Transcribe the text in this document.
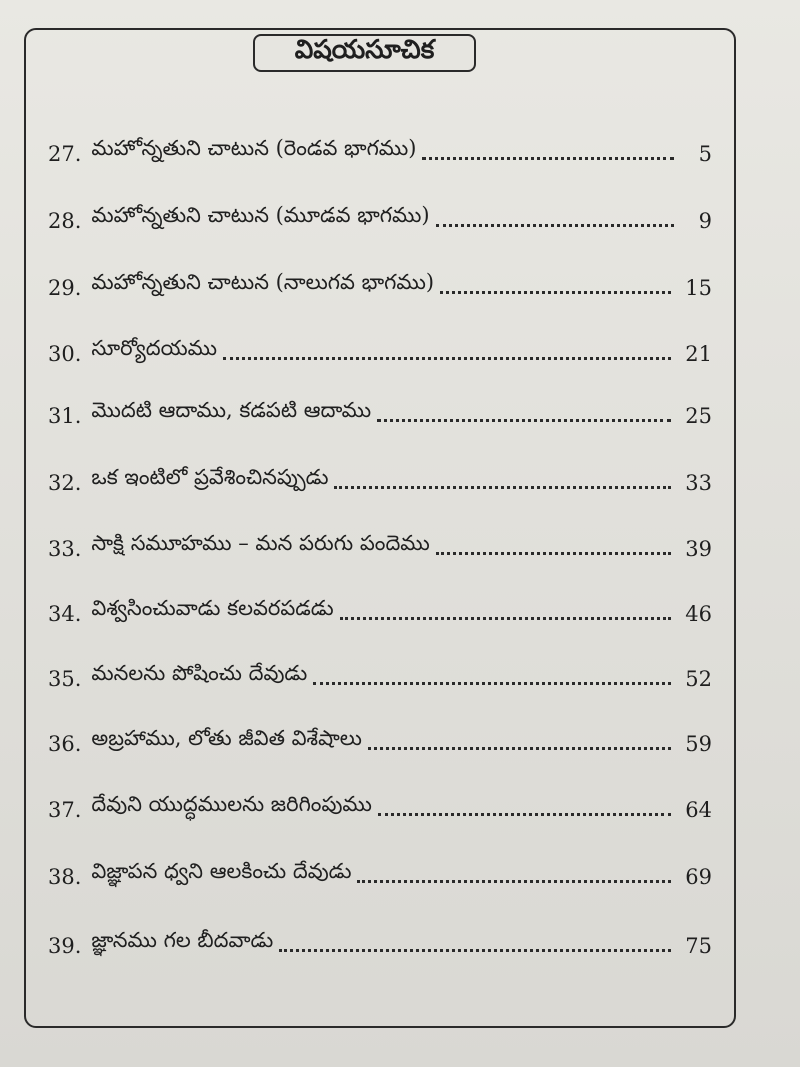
విషయసూచిక
27. మహోన్నతుని చాటున (రెండవ భాగము)	5
28. మహోన్నతుని చాటున (మూడవ భాగము)	9
29. మహోన్నతుని చాటున (నాలుగవ భాగము)	15
30. సూర్యోదయము	21
31. మొదటి ఆదాము, కడపటి ఆదాము	25
32. ఒక ఇంటిలో ప్రవేశించినప్పుడు	33
33. సాక్షి సమూహము – మన పరుగు పందెము	39
34. విశ్వసించువాడు కలవరపడడు	46
35. మనలను పోషించు దేవుడు	52
36. అబ్రహాము, లోతు జీవిత విశేషాలు	59
37. దేవుని యుద్ధములను జరిగింపుము	64
38. విజ్ఞాపన ధ్వని ఆలకించు దేవుడు	69
39. జ్ఞానము గల బీదవాడు	75
